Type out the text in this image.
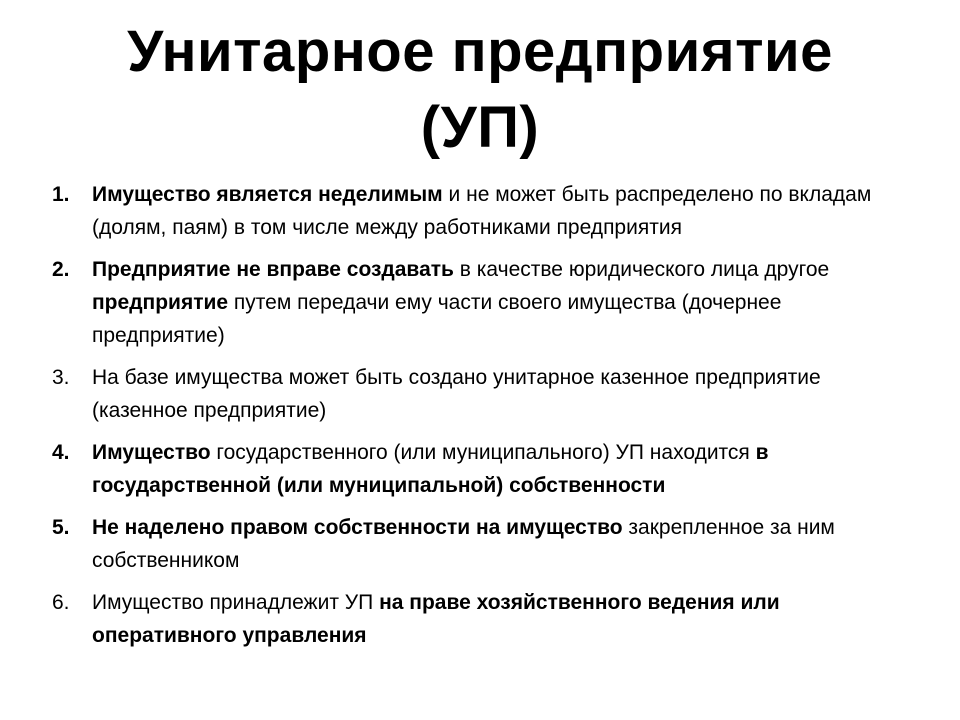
Унитарное предприятие
(УП)
1.	Имущество является неделимым и не может быть распределено по вкладам (долям, паям) в том числе между работниками предприятия
2.	Предприятие не вправе создавать в качестве юридического лица другое предприятие путем передачи ему части своего имущества (дочернее предприятие)
3.	На базе имущества может быть создано унитарное казенное предприятие (казенное предприятие)
4.	Имущество государственного (или муниципального) УП находится в государственной (или муниципальной) собственности
5.	Не наделено правом собственности на имущество закрепленное за ним собственником
6.	Имущество принадлежит УП на праве хозяйственного ведения или оперативного управления
